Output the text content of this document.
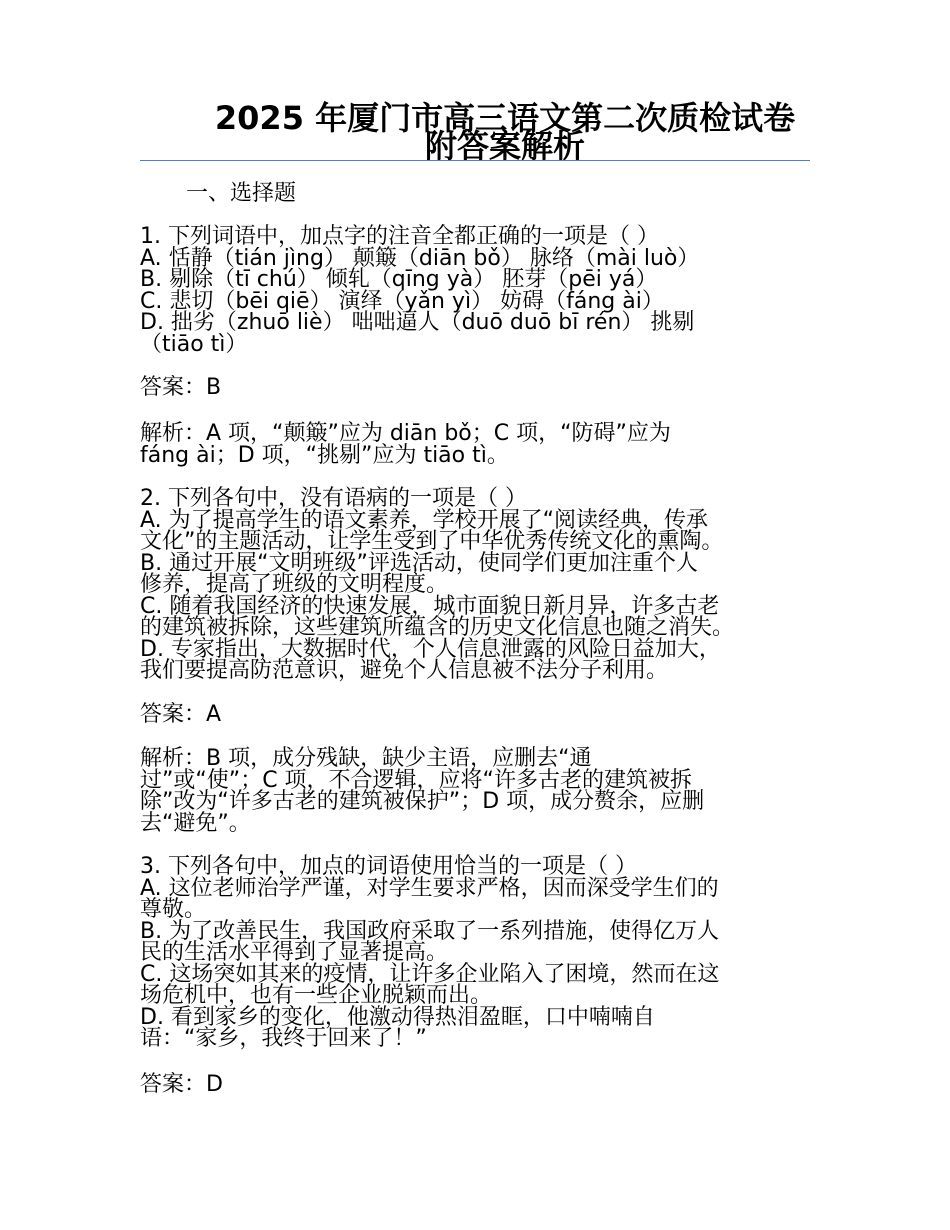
2025 年厦门市高三语文第二次质检试卷
附答案解析
一、选择题
1. 下列词语中，加点字的注音全都正确的一项是（ ）
A. 恬静（tián jìng） 颠簸（diān bǒ） 脉络（mài luò）
B. 剔除（tī chú） 倾轧（qīng yà） 胚芽（pēi yá）
C. 悲切（bēi qiē） 演绎（yǎn yì） 妨碍（fáng ài）
D. 拙劣（zhuō liè） 咄咄逼人（duō duō bī rén） 挑剔
（tiāo tì）
答案：B
解析：A 项，“颠簸”应为 diān bǒ；C 项，“防碍”应为
fáng ài；D 项，“挑剔”应为 tiāo tì。
2. 下列各句中，没有语病的一项是（ ）
A. 为了提高学生的语文素养，学校开展了“阅读经典，传承
文化”的主题活动，让学生受到了中华优秀传统文化的熏陶。
B. 通过开展“文明班级”评选活动，使同学们更加注重个人
修养，提高了班级的文明程度。
C. 随着我国经济的快速发展，城市面貌日新月异，许多古老
的建筑被拆除，这些建筑所蕴含的历史文化信息也随之消失。
D. 专家指出，大数据时代，个人信息泄露的风险日益加大，
我们要提高防范意识，避免个人信息被不法分子利用。
答案：A
解析：B 项，成分残缺，缺少主语，应删去“通
过”或“使”；C 项，不合逻辑，应将“许多古老的建筑被拆
除”改为“许多古老的建筑被保护”；D 项，成分赘余，应删
去“避免”。
3. 下列各句中，加点的词语使用恰当的一项是（ ）
A. 这位老师治学严谨，对学生要求严格，因而深受学生们的
尊敬。
B. 为了改善民生，我国政府采取了一系列措施，使得亿万人
民的生活水平得到了显著提高。
C. 这场突如其来的疫情，让许多企业陷入了困境，然而在这
场危机中，也有一些企业脱颖而出。
D. 看到家乡的变化，他激动得热泪盈眶，口中喃喃自
语：“家乡，我终于回来了！”
答案：D
